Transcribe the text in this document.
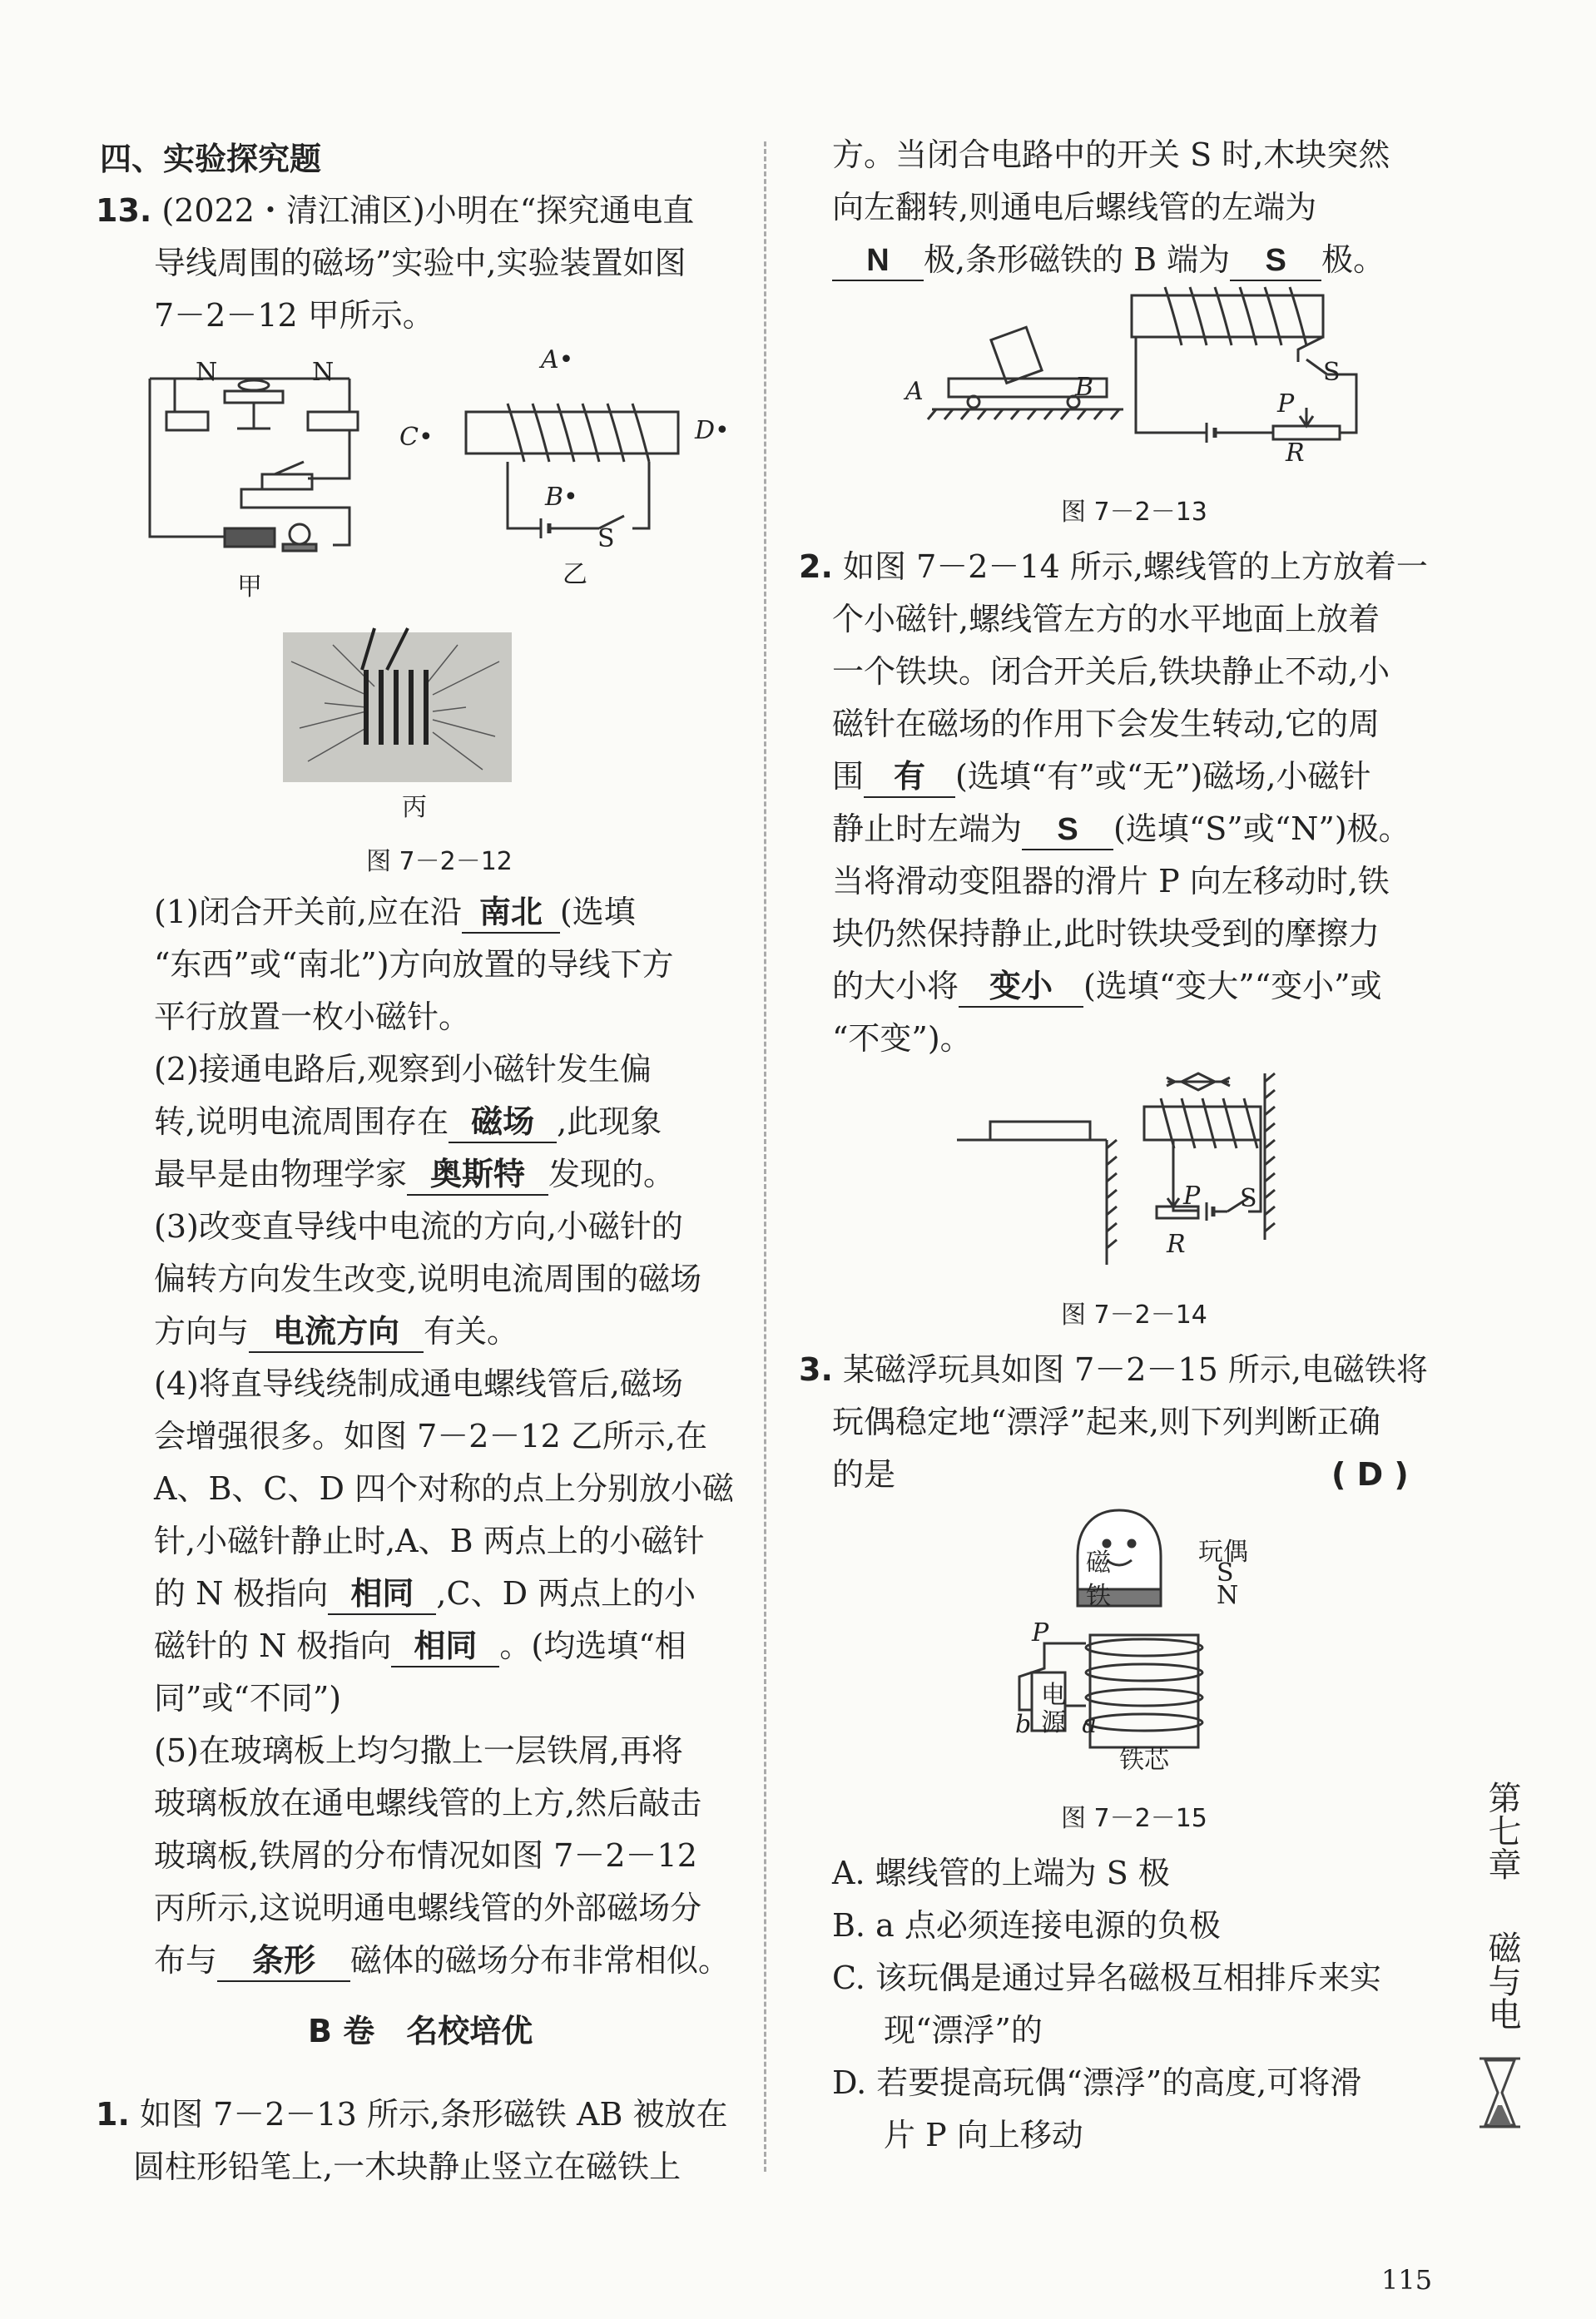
四、实验探究题
13. (2022・清江浦区)小明在“探究通电直
导线周围的磁场”实验中,实验装置如图
7－2－12 甲所示。
N	N
甲
A•
C•	D•
B•
S
乙
丙
图 7－2－12
(1)闭合开关前,应在沿 南北 (选填
“东西”或“南北”)方向放置的导线下方
平行放置一枚小磁针。
(2)接通电路后,观察到小磁针发生偏
转,说明电流周围存在 磁场 ,此现象
最早是由物理学家 奥斯特 发现的。
(3)改变直导线中电流的方向,小磁针的
偏转方向发生改变,说明电流周围的磁场
方向与 电流方向 有关。
(4)将直导线绕制成通电螺线管后,磁场
会增强很多。如图 7－2－12 乙所示,在
A、B、C、D 四个对称的点上分别放小磁
针,小磁针静止时,A、B 两点上的小磁针
的 N 极指向 相同 ,C、D 两点上的小
磁针的 N 极指向 相同 。(均选填“相
同”或“不同”)
(5)在玻璃板上均匀撒上一层铁屑,再将
玻璃板放在通电螺线管的上方,然后敲击
玻璃板,铁屑的分布情况如图 7－2－12
丙所示,这说明通电螺线管的外部磁场分
布与 条形 磁体的磁场分布非常相似。
B 卷　名校培优
1. 如图 7－2－13 所示,条形磁铁 AB 被放在
圆柱形铅笔上,一木块静止竖立在磁铁上
方。当闭合电路中的开关 S 时,木块突然
向左翻转,则通电后螺线管的左端为
N 极,条形磁铁的 B 端为 S 极。
A	B
S
P
R
图 7－2－13
2. 如图 7－2－14 所示,螺线管的上方放着一
个小磁针,螺线管左方的水平地面上放着
一个铁块。闭合开关后,铁块静止不动,小
磁针在磁场的作用下会发生转动,它的周
围 有 (选填“有”或“无”)磁场,小磁针
静止时左端为 S (选填“S”或“N”)极。
当将滑动变阻器的滑片 P 向左移动时,铁
块仍然保持静止,此时铁块受到的摩擦力
的大小将 变小 (选填“变大”“变小”或
“不变”)。
P S
R
图 7－2－14
3. 某磁浮玩具如图 7－2－15 所示,电磁铁将
玩偶稳定地“漂浮”起来,则下列判断正确
的是	( D )
磁
铁
玩偶
S
N
P
电
源
b a
铁芯
图 7－2－15
A. 螺线管的上端为 S 极
B. a 点必须连接电源的负极
C. 该玩偶是通过异名磁极互相排斥来实
现“漂浮”的
D. 若要提高玩偶“漂浮”的高度,可将滑
片 P 向上移动
第七章
磁与电
115
